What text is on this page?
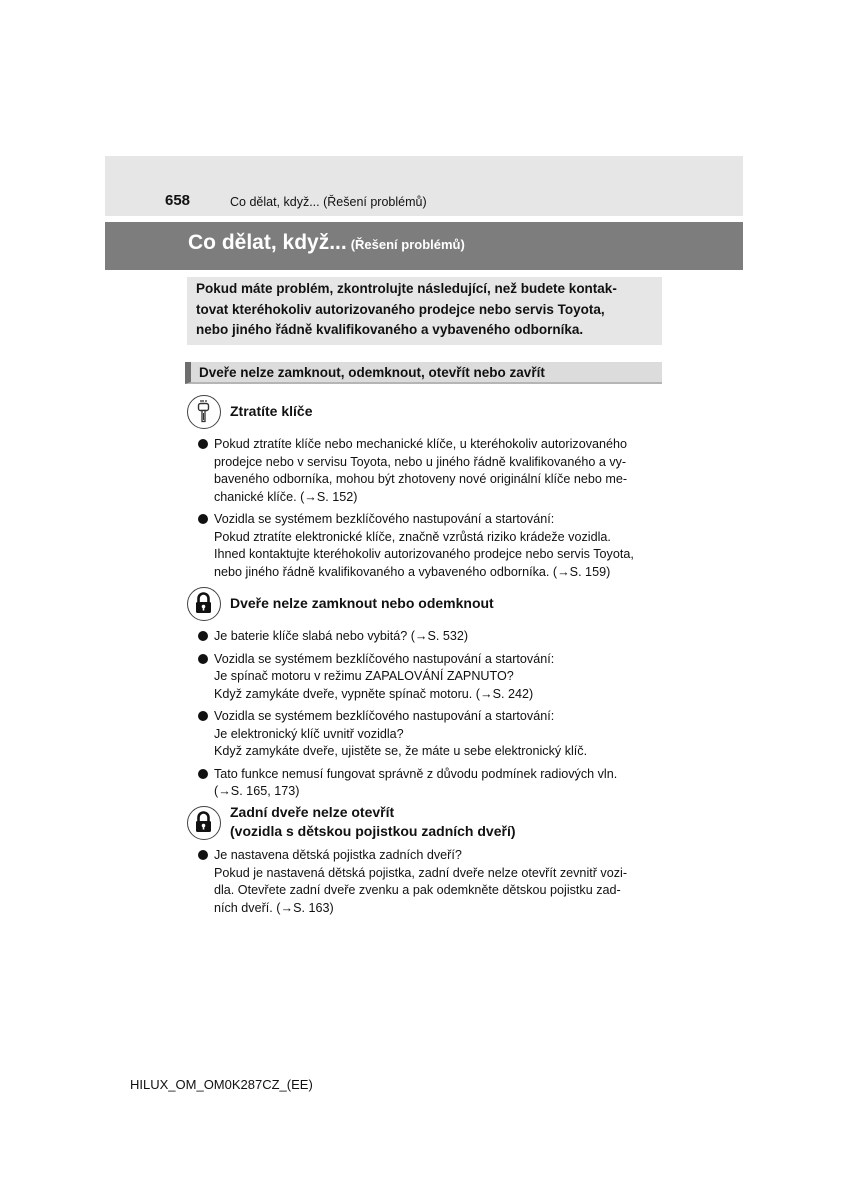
658	Co dělat, když... (Řešení problémů)
Co dělat, když... (Řešení problémů)
Pokud máte problém, zkontrolujte následující, než budete kontak-
tovat kteréhokoliv autorizovaného prodejce nebo servis Toyota,
nebo jiného řádně kvalifikovaného a vybaveného odborníka.
Dveře nelze zamknout, odemknout, otevřít nebo zavřít
Ztratíte klíče
Pokud ztratíte klíče nebo mechanické klíče, u kteréhokoliv autorizovaného
prodejce nebo v servisu Toyota, nebo u jiného řádně kvalifikovaného a vy-
baveného odborníka, mohou být zhotoveny nové originální klíče nebo me-
chanické klíče. (→S. 152)
Vozidla se systémem bezklíčového nastupování a startování:
Pokud ztratíte elektronické klíče, značně vzrůstá riziko krádeže vozidla.
Ihned kontaktujte kteréhokoliv autorizovaného prodejce nebo servis Toyota,
nebo jiného řádně kvalifikovaného a vybaveného odborníka. (→S. 159)
Dveře nelze zamknout nebo odemknout
Je baterie klíče slabá nebo vybitá? (→S. 532)
Vozidla se systémem bezklíčového nastupování a startování:
Je spínač motoru v režimu ZAPALOVÁNÍ ZAPNUTO?
Když zamykáte dveře, vypněte spínač motoru. (→S. 242)
Vozidla se systémem bezklíčového nastupování a startování:
Je elektronický klíč uvnitř vozidla?
Když zamykáte dveře, ujistěte se, že máte u sebe elektronický klíč.
Tato funkce nemusí fungovat správně z důvodu podmínek radiových vln.
(→S. 165, 173)
Zadní dveře nelze otevřít
(vozidla s dětskou pojistkou zadních dveří)
Je nastavena dětská pojistka zadních dveří?
Pokud je nastavená dětská pojistka, zadní dveře nelze otevřít zevnitř vozi-
dla. Otevřete zadní dveře zvenku a pak odemkněte dětskou pojistku zad-
ních dveří. (→S. 163)
HILUX_OM_OM0K287CZ_(EE)
